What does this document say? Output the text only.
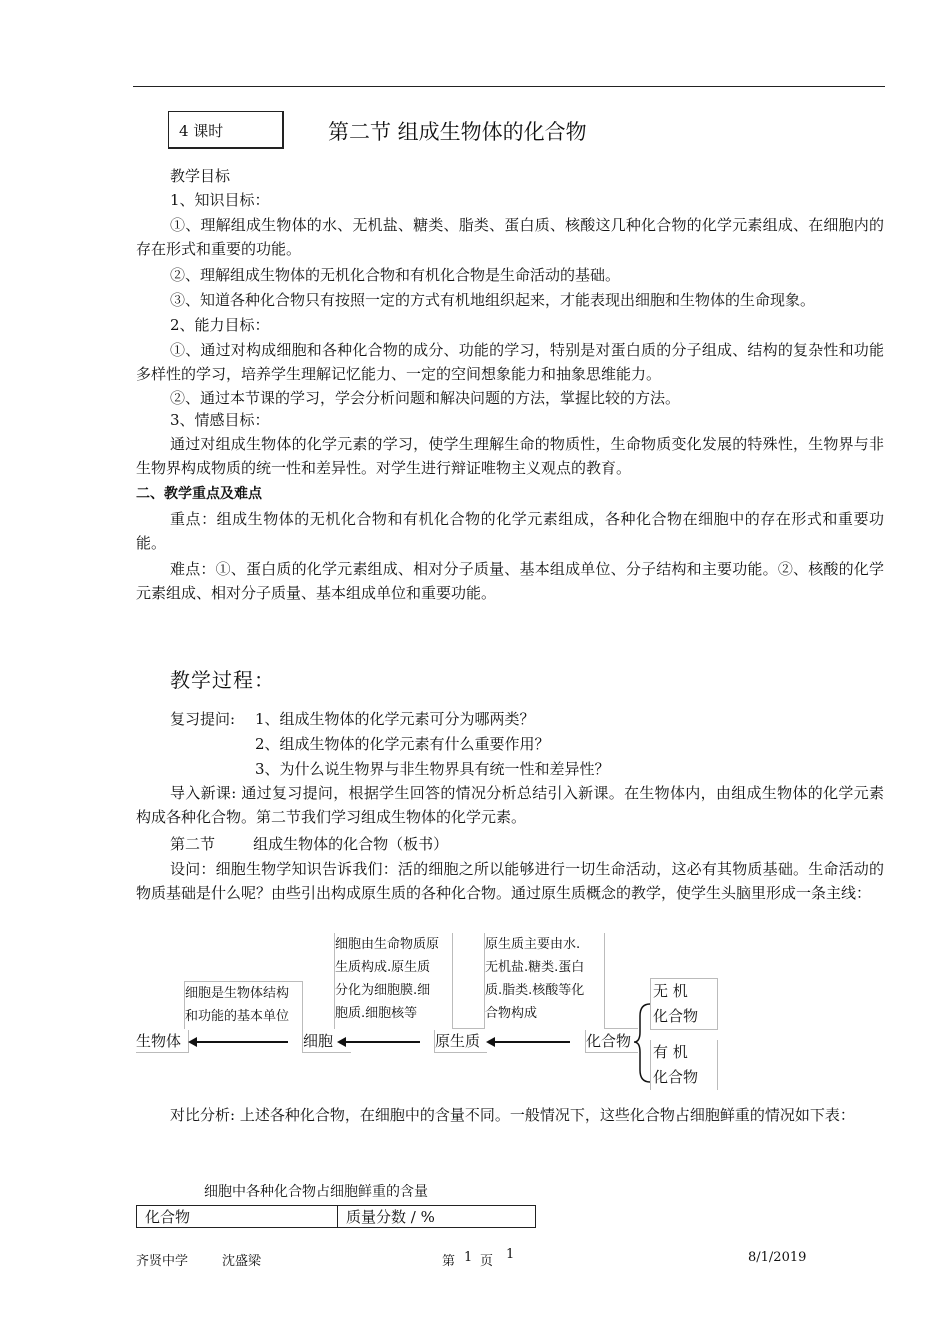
4 课时	第二节 组成生物体的化合物
教学目标
1、知识目标：
①、理解组成生物体的水、无机盐、糖类、脂类、蛋白质、核酸这几种化合物的化学元素组成、在细胞内的存在形式和重要的功能。
②、理解组成生物体的无机化合物和有机化合物是生命活动的基础。
③、知道各种化合物只有按照一定的方式有机地组织起来，才能表现出细胞和生物体的生命现象。
2、能力目标：
①、通过对构成细胞和各种化合物的成分、功能的学习，特别是对蛋白质的分子组成、结构的复杂性和功能多样性的学习，培养学生理解记忆能力、一定的空间想象能力和抽象思维能力。
②、通过本节课的学习，学会分析问题和解决问题的方法，掌握比较的方法。
3、情感目标：
通过对组成生物体的化学元素的学习，使学生理解生命的物质性，生命物质变化发展的特殊性，生物界与非生物界构成物质的统一性和差异性。对学生进行辩证唯物主义观点的教育。
二、教学重点及难点
重点：组成生物体的无机化合物和有机化合物的化学元素组成，各种化合物在细胞中的存在形式和重要功能。
难点：①、蛋白质的化学元素组成、相对分子质量、基本组成单位、分子结构和主要功能。②、核酸的化学元素组成、相对分子质量、基本组成单位和重要功能。
教学过程：
复习提问: 1、组成生物体的化学元素可分为哪两类？
2、组成生物体的化学元素有什么重要作用？
3、为什么说生物界与非生物界具有统一性和差异性？
导入新课: 通过复习提问，根据学生回答的情况分析总结引入新课。在生物体内，由组成生物体的化学元素构成各种化合物。第二节我们学习组成生物体的化学元素。
第二节        组成生物体的化合物（板书）
设问：细胞生物学知识告诉我们：活的细胞之所以能够进行一切生命活动，这必有其物质基础。生命活动的物质基础是什么呢？由些引出构成原生质的各种化合物。通过原生质概念的教学，使学生头脑里形成一条主线：
细胞是生物体结构
和功能的基本单位
细胞由生命物质原
生质构成.原生质
分化为细胞膜.细
胞质.细胞核等
原生质主要由水.
无机盐.糖类.蛋白
质.脂类.核酸等化
合物构成
生物体	细胞	原生质	化合物
无 机
化合物
有 机
化合物
对比分析: 上述各种化合物，在细胞中的含量不同。一般情况下，这些化合物占细胞鲜重的情况如下表：
细胞中各种化合物占细胞鲜重的含量
化合物	质量分数 / %
齐贤中学	沈盛梁	第 1 页 1	8/1/2019
